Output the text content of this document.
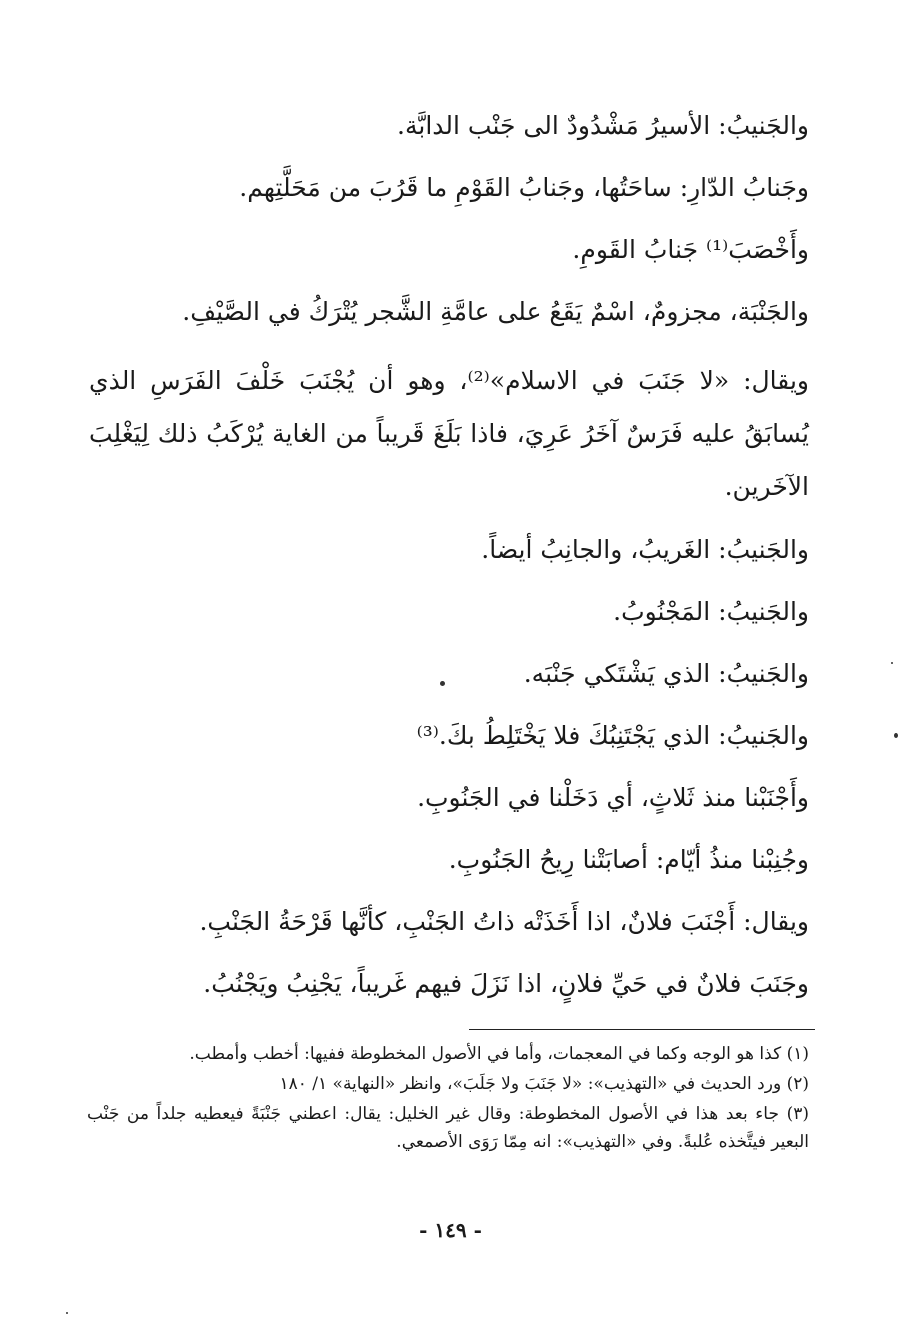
والجَنيبُ: الأسيرُ مَشْدُودٌ الى جَنْب الدابَّة.

وجَنابُ الدّارِ: ساحَتُها، وجَنابُ القَوْمِ ما قَرُبَ من مَحَلَّتِهم.

وأَخْصَبَ⁽¹⁾ جَنابُ القَومِ.

والجَنْبَة، مجزومٌ، اسْمٌ يَقَعُ على عامَّةِ الشَّجر يُتْرَكُ في الصَّيْفِ.

ويقال: «لا جَنَبَ في الاسلام»⁽²⁾، وهو أن يُجْنَبَ خَلْفَ الفَرَسِ الذي يُسابَقُ عليه فَرَسٌ آخَرُ عَرِيَ، فاذا بَلَغَ قَريباً من الغاية يُرْكَبُ ذلك لِيَغْلِبَ الآخَرين.

والجَنيبُ: الغَريبُ، والجانِبُ أيضاً.

والجَنيبُ: المَجْنُوبُ.

والجَنيبُ: الذي يَشْتَكي جَنْبَه.

والجَنيبُ: الذي يَجْتَنِبُكَ فلا يَخْتَلِطُ بكَ.⁽³⁾

وأَجْنَبْنا منذ ثَلاثٍ، أي دَخَلْنا في الجَنُوبِ.

وجُنِبْنا منذُ أيّام: أصابَتْنا رِيحُ الجَنُوبِ.

ويقال: أَجْنَبَ فلانٌ، اذا أَخَذَتْه ذاتُ الجَنْبِ، كأنَّها قَرْحَةُ الجَنْبِ.

وجَنَبَ فلانٌ في حَيِّ فلانٍ، اذا نَزَلَ فيهم غَريباً، يَجْنِبُ ويَجْنُبُ.

(١) كذا هو الوجه وكما في المعجمات، وأما في الأصول المخطوطة ففيها: أخطب وأمطب.

(٢) ورد الحديث في «التهذيب»: «لا جَنَبَ ولا جَلَبَ»، وانظر «النهاية» ١/ ١٨٠

(٣) جاء بعد هذا في الأصول المخطوطة: وقال غير الخليل: يقال: اعطني جَنْبَةً فيعطيه جلداً من جَنْب البعير فيتَّخذه عُلبةً. وفي «التهذيب»: انه مِمّا رَوَى الأصمعي.

- ١٤٩ -
